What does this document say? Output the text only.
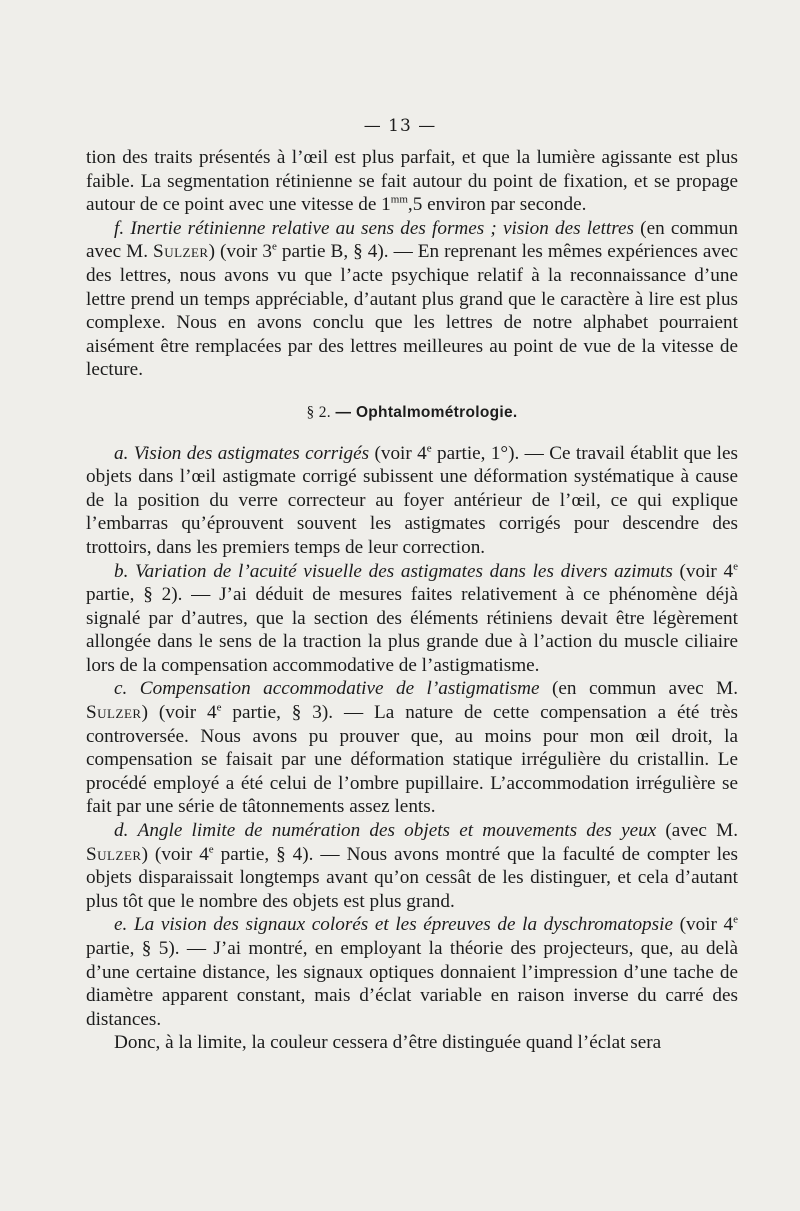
— 13 —

tion des traits présentés à l’œil est plus parfait, et que la lumière agissante est plus faible. La segmentation rétinienne se fait autour du point de fixation, et se propage autour de ce point avec une vitesse de $1^{mm},5$ environ par seconde.

f. Inertie rétinienne relative au sens des formes ; vision des lettres (en commun avec M. Sulzer) (voir 3e partie B, § 4). — En reprenant les mêmes expériences avec des lettres, nous avons vu que l’acte psychique relatif à la reconnaissance d’une lettre prend un temps appréciable, d’autant plus grand que le caractère à lire est plus complexe. Nous en avons conclu que les lettres de notre alphabet pourraient aisément être remplacées par des lettres meilleures au point de vue de la vitesse de lecture.

§ 2. — Ophtalmométrologie.

a. Vision des astigmates corrigés (voir 4e partie, 1°). — Ce travail établit que les objets dans l’œil astigmate corrigé subissent une déformation systématique à cause de la position du verre correcteur au foyer antérieur de l’œil, ce qui explique l’embarras qu’éprouvent souvent les astigmates corrigés pour descendre des trottoirs, dans les premiers temps de leur correction.

b. Variation de l’acuité visuelle des astigmates dans les divers azimuts (voir 4e partie, § 2). — J’ai déduit de mesures faites relativement à ce phénomène déjà signalé par d’autres, que la section des éléments rétiniens devait être légèrement allongée dans le sens de la traction la plus grande due à l’action du muscle ciliaire lors de la compensation accommodative de l’astigmatisme.

c. Compensation accommodative de l’astigmatisme (en commun avec M. Sulzer) (voir 4e partie, § 3). — La nature de cette compensation a été très controversée. Nous avons pu prouver que, au moins pour mon œil droit, la compensation se faisait par une déformation statique irrégulière du cristallin. Le procédé employé a été celui de l’ombre pupillaire. L’accommodation irrégulière se fait par une série de tâtonnements assez lents.

d. Angle limite de numération des objets et mouvements des yeux (avec M. Sulzer) (voir 4e partie, § 4). — Nous avons montré que la faculté de compter les objets disparaissait longtemps avant qu’on cessât de les distinguer, et cela d’autant plus tôt que le nombre des objets est plus grand.

e. La vision des signaux colorés et les épreuves de la dyschromatopsie (voir 4e partie, § 5). — J’ai montré, en employant la théorie des projecteurs, que, au delà d’une certaine distance, les signaux optiques donnaient l’impression d’une tache de diamètre apparent constant, mais d’éclat variable en raison inverse du carré des distances.

Donc, à la limite, la couleur cessera d’être distinguée quand l’éclat sera
